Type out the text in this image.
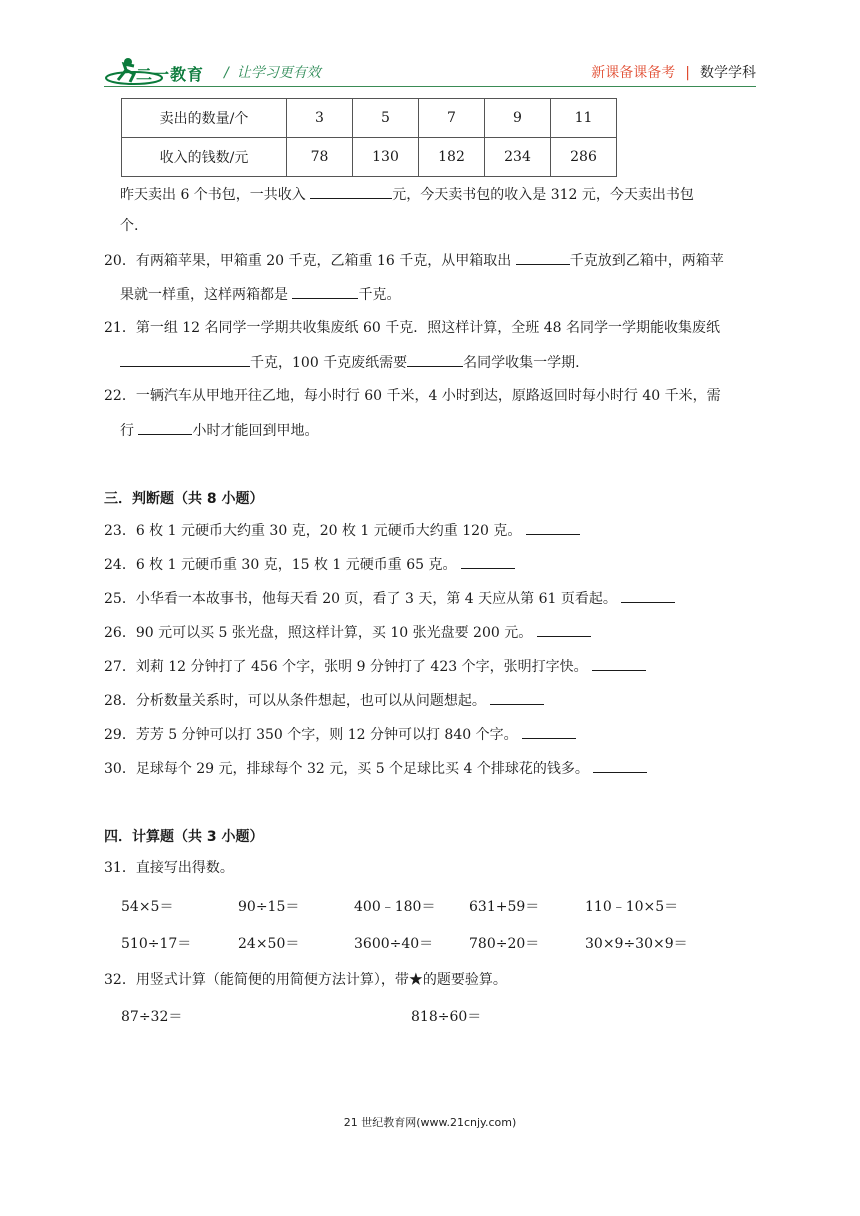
二一教育 / 让学习更有效	新课备课备考 | 数学学科
卖出的数量/个	3	5	7	9	11
收入的钱数/元	78	130	182	234	286
昨天卖出 6 个书包，一共收入	元，今天卖书包的收入是 312 元，今天卖出书包
个.
20．有两箱苹果，甲箱重 20 千克，乙箱重 16 千克，从甲箱取出	千克放到乙箱中，两箱苹
果就一样重，这样两箱都是	千克。
21．第一组 12 名同学一学期共收集废纸 60 千克．照这样计算，全班 48 名同学一学期能收集废纸
千克，100 千克废纸需要	名同学收集一学期.
22．一辆汽车从甲地开往乙地，每小时行 60 千米，4 小时到达，原路返回时每小时行 40 千米，需
行	小时才能回到甲地。
三．判断题（共 8 小题）
23．6 枚 1 元硬币大约重 30 克，20 枚 1 元硬币大约重 120 克。
24．6 枚 1 元硬币重 30 克，15 枚 1 元硬币重 65 克。
25．小华看一本故事书，他每天看 20 页，看了 3 天，第 4 天应从第 61 页看起。
26．90 元可以买 5 张光盘，照这样计算，买 10 张光盘要 200 元。
27．刘莉 12 分钟打了 456 个字，张明 9 分钟打了 423 个字，张明打字快。
28．分析数量关系时，可以从条件想起，也可以从问题想起。
29．芳芳 5 分钟可以打 350 个字，则 12 分钟可以打 840 个字。
30．足球每个 29 元，排球每个 32 元，买 5 个足球比买 4 个排球花的钱多。
四．计算题（共 3 小题）
31．直接写出得数。
54×5＝	90÷15＝	400﹣180＝ 631+59＝	110﹣10×5＝
510÷17＝	24×50＝	3600÷40＝	780÷20＝	30×9÷30×9＝
32．用竖式计算（能简便的用简便方法计算），带★的题要验算。
87÷32＝	818÷60＝
21 世纪教育网(www.21cnjy.com)
